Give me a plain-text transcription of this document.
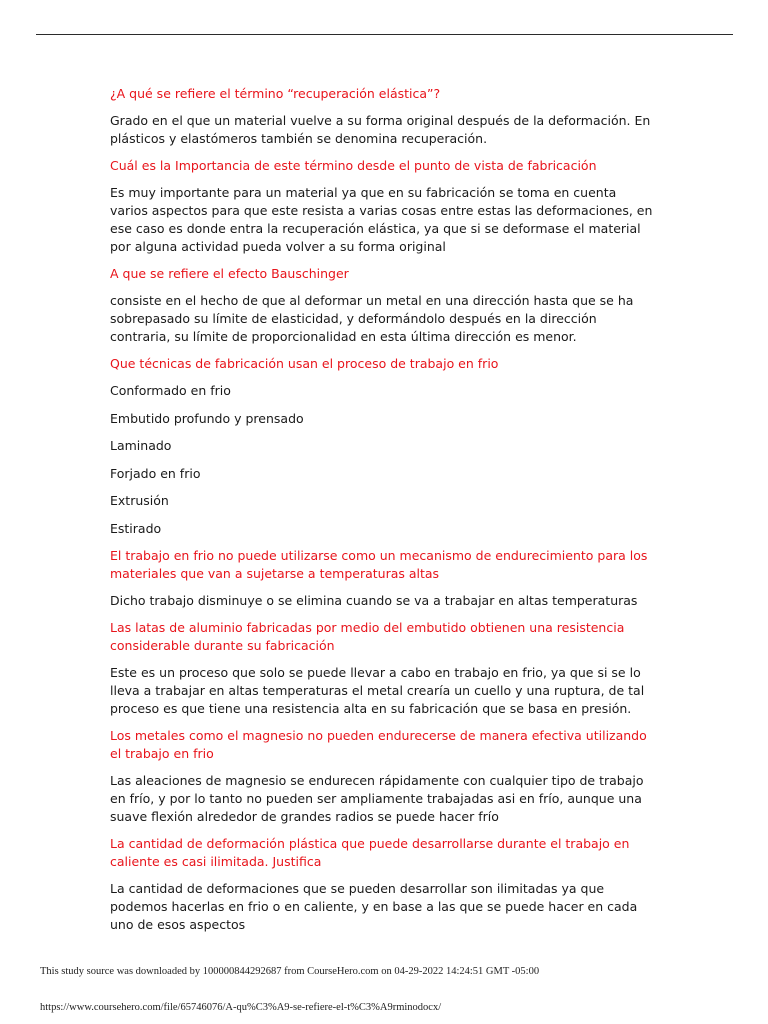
¿A qué se refiere el término “recuperación elástica”?

Grado en el que un material vuelve a su forma original después de la deformación. En plásticos y elastómeros también se denomina recuperación.

Cuál es la Importancia de este término desde el punto de vista de fabricación

Es muy importante para un material ya que en su fabricación se toma en cuenta varios aspectos para que este resista a varias cosas entre estas las deformaciones, en ese caso es donde entra la recuperación elástica, ya que si se deformase el material por alguna actividad pueda volver a su forma original

A que se refiere el efecto Bauschinger

consiste en el hecho de que al deformar un metal en una dirección hasta que se ha sobrepasado su límite de elasticidad, y deformándolo después en la dirección contraria, su límite de proporcionalidad en esta última dirección es menor.

Que técnicas de fabricación usan el proceso de trabajo en frio

Conformado en frio

Embutido profundo y prensado

Laminado

Forjado en frio

Extrusión

Estirado

El trabajo en frio no puede utilizarse como un mecanismo de endurecimiento para los materiales que van a sujetarse a temperaturas altas

Dicho trabajo disminuye o se elimina cuando se va a trabajar en altas temperaturas

Las latas de aluminio fabricadas por medio del embutido obtienen una resistencia considerable durante su fabricación

Este es un proceso que solo se puede llevar a cabo en trabajo en frio, ya que si se lo lleva a trabajar en altas temperaturas el metal crearía un cuello y una ruptura, de tal proceso es que tiene una resistencia alta en su fabricación que se basa en presión.

Los metales como el magnesio no pueden endurecerse de manera efectiva utilizando el trabajo en frio

Las aleaciones de magnesio se endurecen rápidamente con cualquier tipo de trabajo en frío, y por lo tanto no pueden ser ampliamente trabajadas asi en frío, aunque una suave flexión alrededor de grandes radios se puede hacer frío

La cantidad de deformación plástica que puede desarrollarse durante el trabajo en caliente es casi ilimitada. Justifica

La cantidad de deformaciones que se pueden desarrollar son ilimitadas ya que podemos hacerlas en frio o en caliente, y en base a las que se puede hacer en cada uno de esos aspectos

This study source was downloaded by 100000844292687 from CourseHero.com on 04-29-2022 14:24:51 GMT -05:00
https://www.coursehero.com/file/65746076/A-qu%C3%A9-se-refiere-el-t%C3%A9rminodocx/
